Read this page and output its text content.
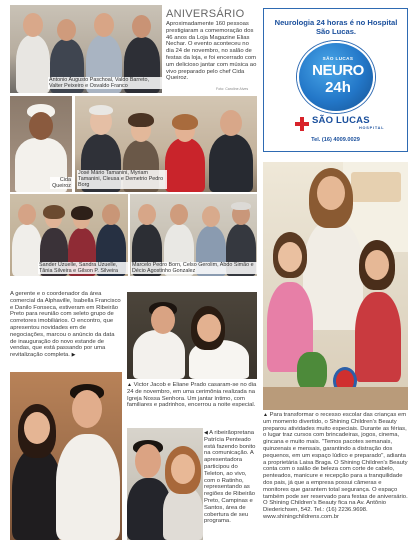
Antonio Augusto Paschoal, Valdo Barreto, Valter Peixeiro e Osvaldo Franco
ANIVERSÁRIO
Aproximadamente 160 pessoas prestigiaram a comemoração dos 46 anos da Loja Magazine Elias Nechar. O evento aconteceu no dia 24 de novembro, no salão de festas da loja, e foi encerrado com um delicioso jantar com música ao vivo preparado pelo chef Cida Queiroz.
Foto: Caroline Alves
Neurologia 24 horas é no Hospital São Lucas.
SÃO LUCAS
NEURO
24h
SÃO LUCAS
HOSPITAL
Tel. (16) 4009.0029
Cida Queiroz
José Mário Tamanini, Myriam Tamanini, Cleusa e Demetrio Pedro Borg
Sander Uzuelle, Sandra Uzuelle, Tânia Silveira e Gilson P. Silveira
Marcelo Pedro Born, Celso Gerolim, Abdo Simão e Décio Agostinho Gonzalez
A gerente e o coordenador da área comercial da Alphaville, Isabella Francisco e Danilo Fonseca, estiveram em Ribeirão Preto para reunião com seleto grupo de corretores imobiliários. O encontro, que apresentou novidades em de negociações, marcou o anúncio da data de inauguração do novo estande de vendas, que está passando por uma revitalização completa. ▶
▲ Victor Jacob e Eliane Prado casaram-se no dia 24 de novembro, em uma cerimônia realizada na Igreja Nossa Senhora. Um jantar íntimo, com familiares e padrinhos, encerrou a noite especial.
◀ A ribeirãopretana Patrícia Penteado está fazendo bonito na comunicação. A apresentadora participou do Teleton, ao vivo, com o Ratinho, representando as regiões de Ribeirão Preto, Campinas e Santos, área de cobertura de seu programa.
▲ Para transformar o recesso escolar das crianças em um momento divertido, o Shining Children's Beauty preparou atividades muito especiais. Durante as férias, o lugar traz cursos com brincadeiras, jogos, cinema, gincana e muito mais. "Temos pacotes semanais, quinzenais e mensais, garantindo a distração dos pequenos, em um espaço lúdico e preparado", adianta a proprietária Laisa Braga. O Shining Children's Beauty conta com o salão de beleza com corte de cabelo, penteados, manicure e recepção para a tranquilidade dos pais, já que a empresa possui câmeras e monitores que garantem total segurança. O espaço também pode ser reservado para festas de aniversário. O Shining Children's Beauty fica na Av. Antônio Diederichsen, 542. Tel.: (16) 2236.9698. www.shiningchildrens.com.br
